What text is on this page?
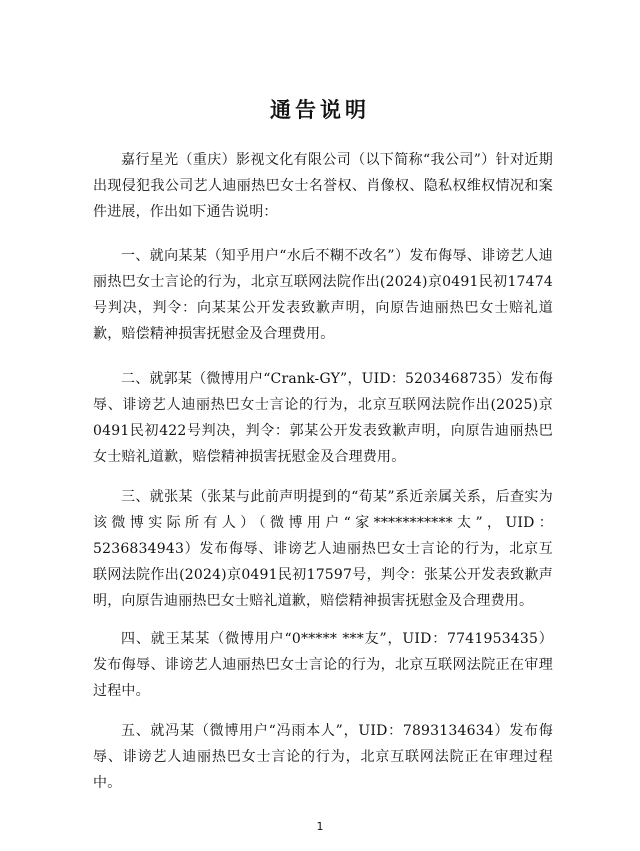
通告说明
嘉行星光（重庆）影视文化有限公司（以下简称“我公司”）针对近期出现侵犯我公司艺人迪丽热巴女士名誉权、肖像权、隐私权维权情况和案件进展，作出如下通告说明：
一、就向某某（知乎用户“水后不糊不改名”）发布侮辱、诽谤艺人迪丽热巴女士言论的行为，北京互联网法院作出(2024)京0491民初17474号判决，判令：向某某公开发表致歉声明，向原告迪丽热巴女士赔礼道歉，赔偿精神损害抚慰金及合理费用。
二、就郭某（微博用户“Crank-GY”，UID：5203468735）发布侮辱、诽谤艺人迪丽热巴女士言论的行为，北京互联网法院作出(2025)京0491民初422号判决，判令：郭某公开发表致歉声明，向原告迪丽热巴女士赔礼道歉，赔偿精神损害抚慰金及合理费用。
三、就张某（张某与此前声明提到的“荀某”系近亲属关系，后查实为该微博实际所有人）（微博用户“家***********太”，UID：5236834943）发布侮辱、诽谤艺人迪丽热巴女士言论的行为，北京互联网法院作出(2024)京0491民初17597号，判令：张某公开发表致歉声明，向原告迪丽热巴女士赔礼道歉，赔偿精神损害抚慰金及合理费用。
四、就王某某（微博用户“0***** ***友”，UID：7741953435）发布侮辱、诽谤艺人迪丽热巴女士言论的行为，北京互联网法院正在审理过程中。
五、就冯某（微博用户“冯雨本人”，UID：7893134634）发布侮辱、诽谤艺人迪丽热巴女士言论的行为，北京互联网法院正在审理过程中。
1
